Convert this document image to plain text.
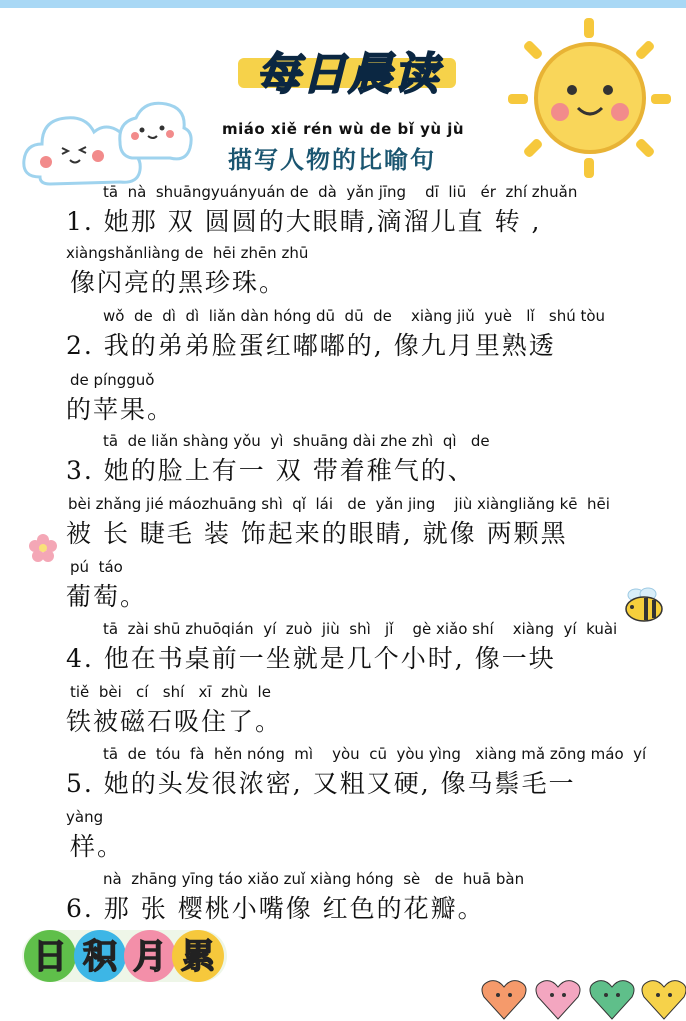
每日晨读
miáo xiě rén wù de bǐ yù jù
描写人物的比喻句
tā  nà  shuāngyuányuán de  dà  yǎn jīng    dī  liū   ér  zhí zhuǎn
1. 她那 双 圆圆的大眼睛,滴溜儿直 转 ,
xiàngshǎnliàng de  hēi zhēn zhū
像闪亮的黑珍珠。
wǒ  de  dì  dì  liǎn dàn hóng dū  dū  de    xiàng jiǔ  yuè   lǐ   shú tòu
2. 我的弟弟脸蛋红嘟嘟的, 像九月里熟透
de píngguǒ
的苹果。
tā  de liǎn shàng yǒu  yì  shuāng dài zhe zhì  qì   de
3. 她的脸上有一 双 带着稚气的、
bèi zhǎng jié máozhuāng shì  qǐ  lái   de  yǎn jing    jiù xiàngliǎng kē  hēi
被 长 睫毛 装 饰起来的眼睛, 就像 两颗黑
pú  táo
葡萄。
tā  zài shū zhuōqián  yí  zuò  jiù  shì   jǐ    gè xiǎo shí    xiàng  yí  kuài
4. 他在书桌前一坐就是几个小时, 像一块
tiě  bèi   cí   shí   xī  zhù  le
铁被磁石吸住了。
tā  de  tóu  fà  hěn nóng  mì    yòu  cū  yòu yìng   xiàng mǎ zōng máo  yí
5. 她的头发很浓密, 又粗又硬, 像马鬃毛一
yàng
样。
nà  zhāng yīng táo xiǎo zuǐ xiàng hóng  sè   de  huā bàn
6. 那 张 樱桃小嘴像 红色的花瓣。
日 积 月 累
